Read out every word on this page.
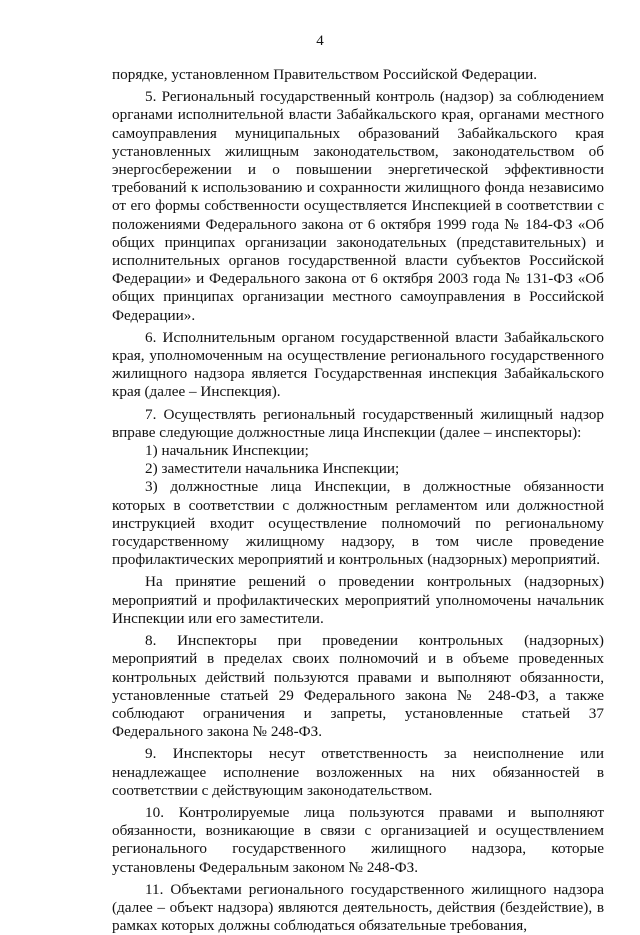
4

порядке, установленном Правительством Российской Федерации.

5. Региональный государственный контроль (надзор) за соблюдением органами исполнительной власти Забайкальского края, органами местного самоуправления муниципальных образований Забайкальского края установленных жилищным законодательством, законодательством об энергосбережении и о повышении энергетической эффективности требований к использованию и сохранности жилищного фонда независимо от его формы собственности осуществляется Инспекцией в соответствии с положениями Федерального закона от 6 октября 1999 года № 184-ФЗ «Об общих принципах организации законодательных (представительных) и исполнительных органов государственной власти субъектов Российской Федерации» и Федерального закона от 6 октября 2003 года № 131-ФЗ «Об общих принципах организации местного самоуправления в Российской Федерации».

6. Исполнительным органом государственной власти Забайкальского края, уполномоченным на осуществление регионального государственного жилищного надзора является Государственная инспекция Забайкальского края (далее – Инспекция).

7. Осуществлять региональный государственный жилищный надзор вправе следующие должностные лица Инспекции (далее – инспекторы):

1) начальник Инспекции;

2) заместители начальника Инспекции;

3) должностные лица Инспекции, в должностные обязанности которых в соответствии с должностным регламентом или должностной инструкцией входит осуществление полномочий по региональному государственному жилищному надзору, в том числе проведение профилактических мероприятий и контрольных (надзорных) мероприятий.

На принятие решений о проведении контрольных (надзорных) мероприятий и профилактических мероприятий уполномочены начальник Инспекции или его заместители.

8. Инспекторы при проведении контрольных (надзорных) мероприятий в пределах своих полномочий и в объеме проведенных контрольных действий пользуются правами и выполняют обязанности, установленные статьей 29 Федерального закона № 248-ФЗ, а также соблюдают ограничения и запреты, установленные статьей 37 Федерального закона № 248-ФЗ.

9. Инспекторы несут ответственность за неисполнение или ненадлежащее исполнение возложенных на них обязанностей в соответствии с действующим законодательством.

10. Контролируемые лица пользуются правами и выполняют обязанности, возникающие в связи с организацией и осуществлением регионального государственного жилищного надзора, которые установлены Федеральным законом № 248-ФЗ.

11. Объектами регионального государственного жилищного надзора (далее – объект надзора) являются деятельность, действия (бездействие), в рамках которых должны соблюдаться обязательные требования,
